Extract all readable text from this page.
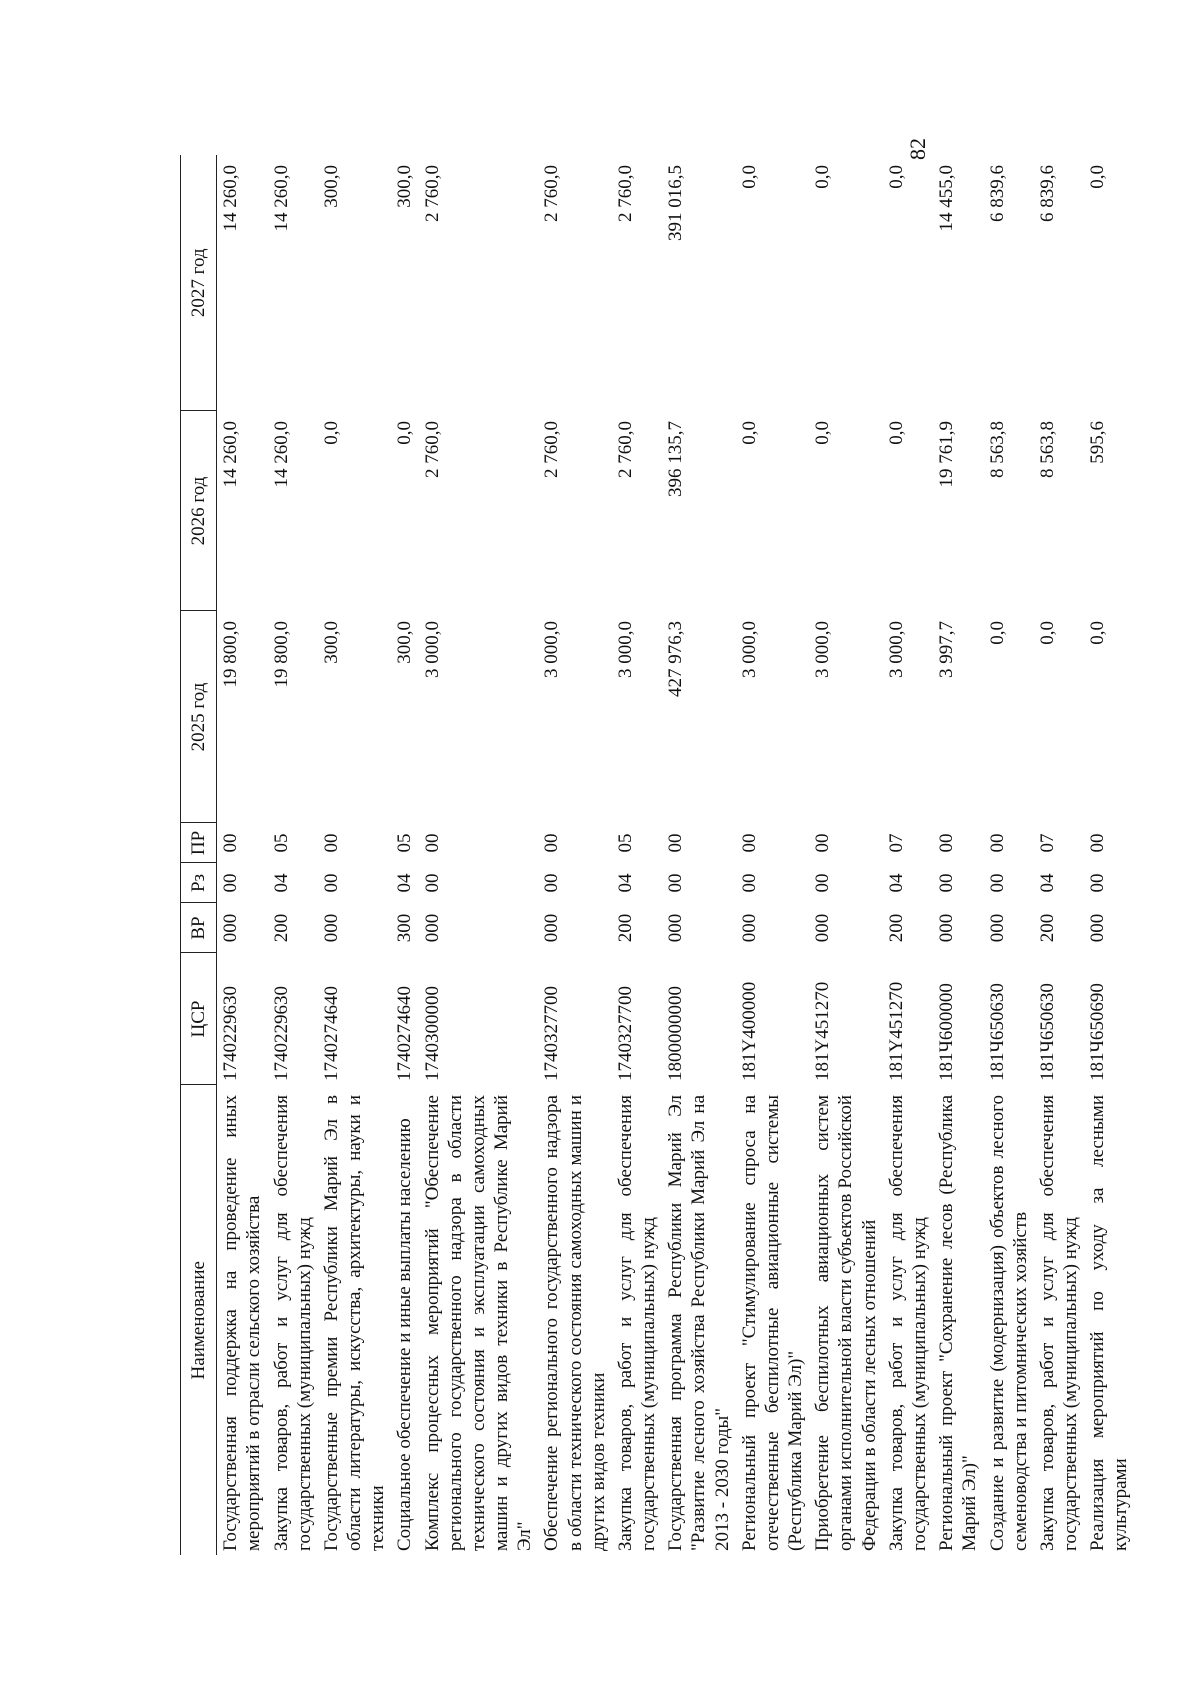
82
Наименование	ЦСР	ВР	Рз	ПР	2025 год	2026 год	2027 год
Государственная поддержка на проведение иных мероприятий в отрасли сельского хозяйства	1740229630	000	00	00	19 800,0	14 260,0	14 260,0

Закупка товаров, работ и услуг для обеспечения государственных (муниципальных) нужд	1740229630	200	04	05	19 800,0	14 260,0	14 260,0

Государственные премии Республики Марий Эл в области литературы, искусства, архитектуры, науки и техники	1740274640	000	00	00	300,0	0,0	300,0

Социальное обеспечение и иные выплаты населению	1740274640	300	04	05	300,0	0,0	300,0

Комплекс процессных мероприятий "Обеспечение регионального государственного надзора в области технического состояния и эксплуатации самоходных машин и других видов техники в Республике Марий Эл"	1740300000	000	00	00	3 000,0	2 760,0	2 760,0

Обеспечение регионального государственного надзора в области технического состояния самоходных машин и других видов техники	1740327700	000	00	00	3 000,0	2 760,0	2 760,0

Закупка товаров, работ и услуг для обеспечения государственных (муниципальных) нужд	1740327700	200	04	05	3 000,0	2 760,0	2 760,0

Государственная программа Республики Марий Эл "Развитие лесного хозяйства Республики Марий Эл на 2013 - 2030 годы"	1800000000	000	00	00	427 976,3	396 135,7	391 016,5

Региональный проект "Стимулирование спроса на отечественные беспилотные авиационные системы (Республика Марий Эл)"	181Y400000	000	00	00	3 000,0	0,0	0,0

Приобретение беспилотных авиационных систем органами исполнительной власти субъектов Российской Федерации в области лесных отношений	181Y451270	000	00	00	3 000,0	0,0	0,0

Закупка товаров, работ и услуг для обеспечения государственных (муниципальных) нужд	181Y451270	200	04	07	3 000,0	0,0	0,0

Региональный проект "Сохранение лесов (Республика Марий Эл)"	181Ч600000	000	00	00	3 997,7	19 761,9	14 455,0

Создание и развитие (модернизация) объектов лесного семеноводства и питомнических хозяйств	181Ч650630	000	00	00	0,0	8 563,8	6 839,6

Закупка товаров, работ и услуг для обеспечения государственных (муниципальных) нужд	181Ч650630	200	04	07	0,0	8 563,8	6 839,6

Реализация мероприятий по уходу за лесными культурами	181Ч650690	000	00	00	0,0	595,6	0,0
